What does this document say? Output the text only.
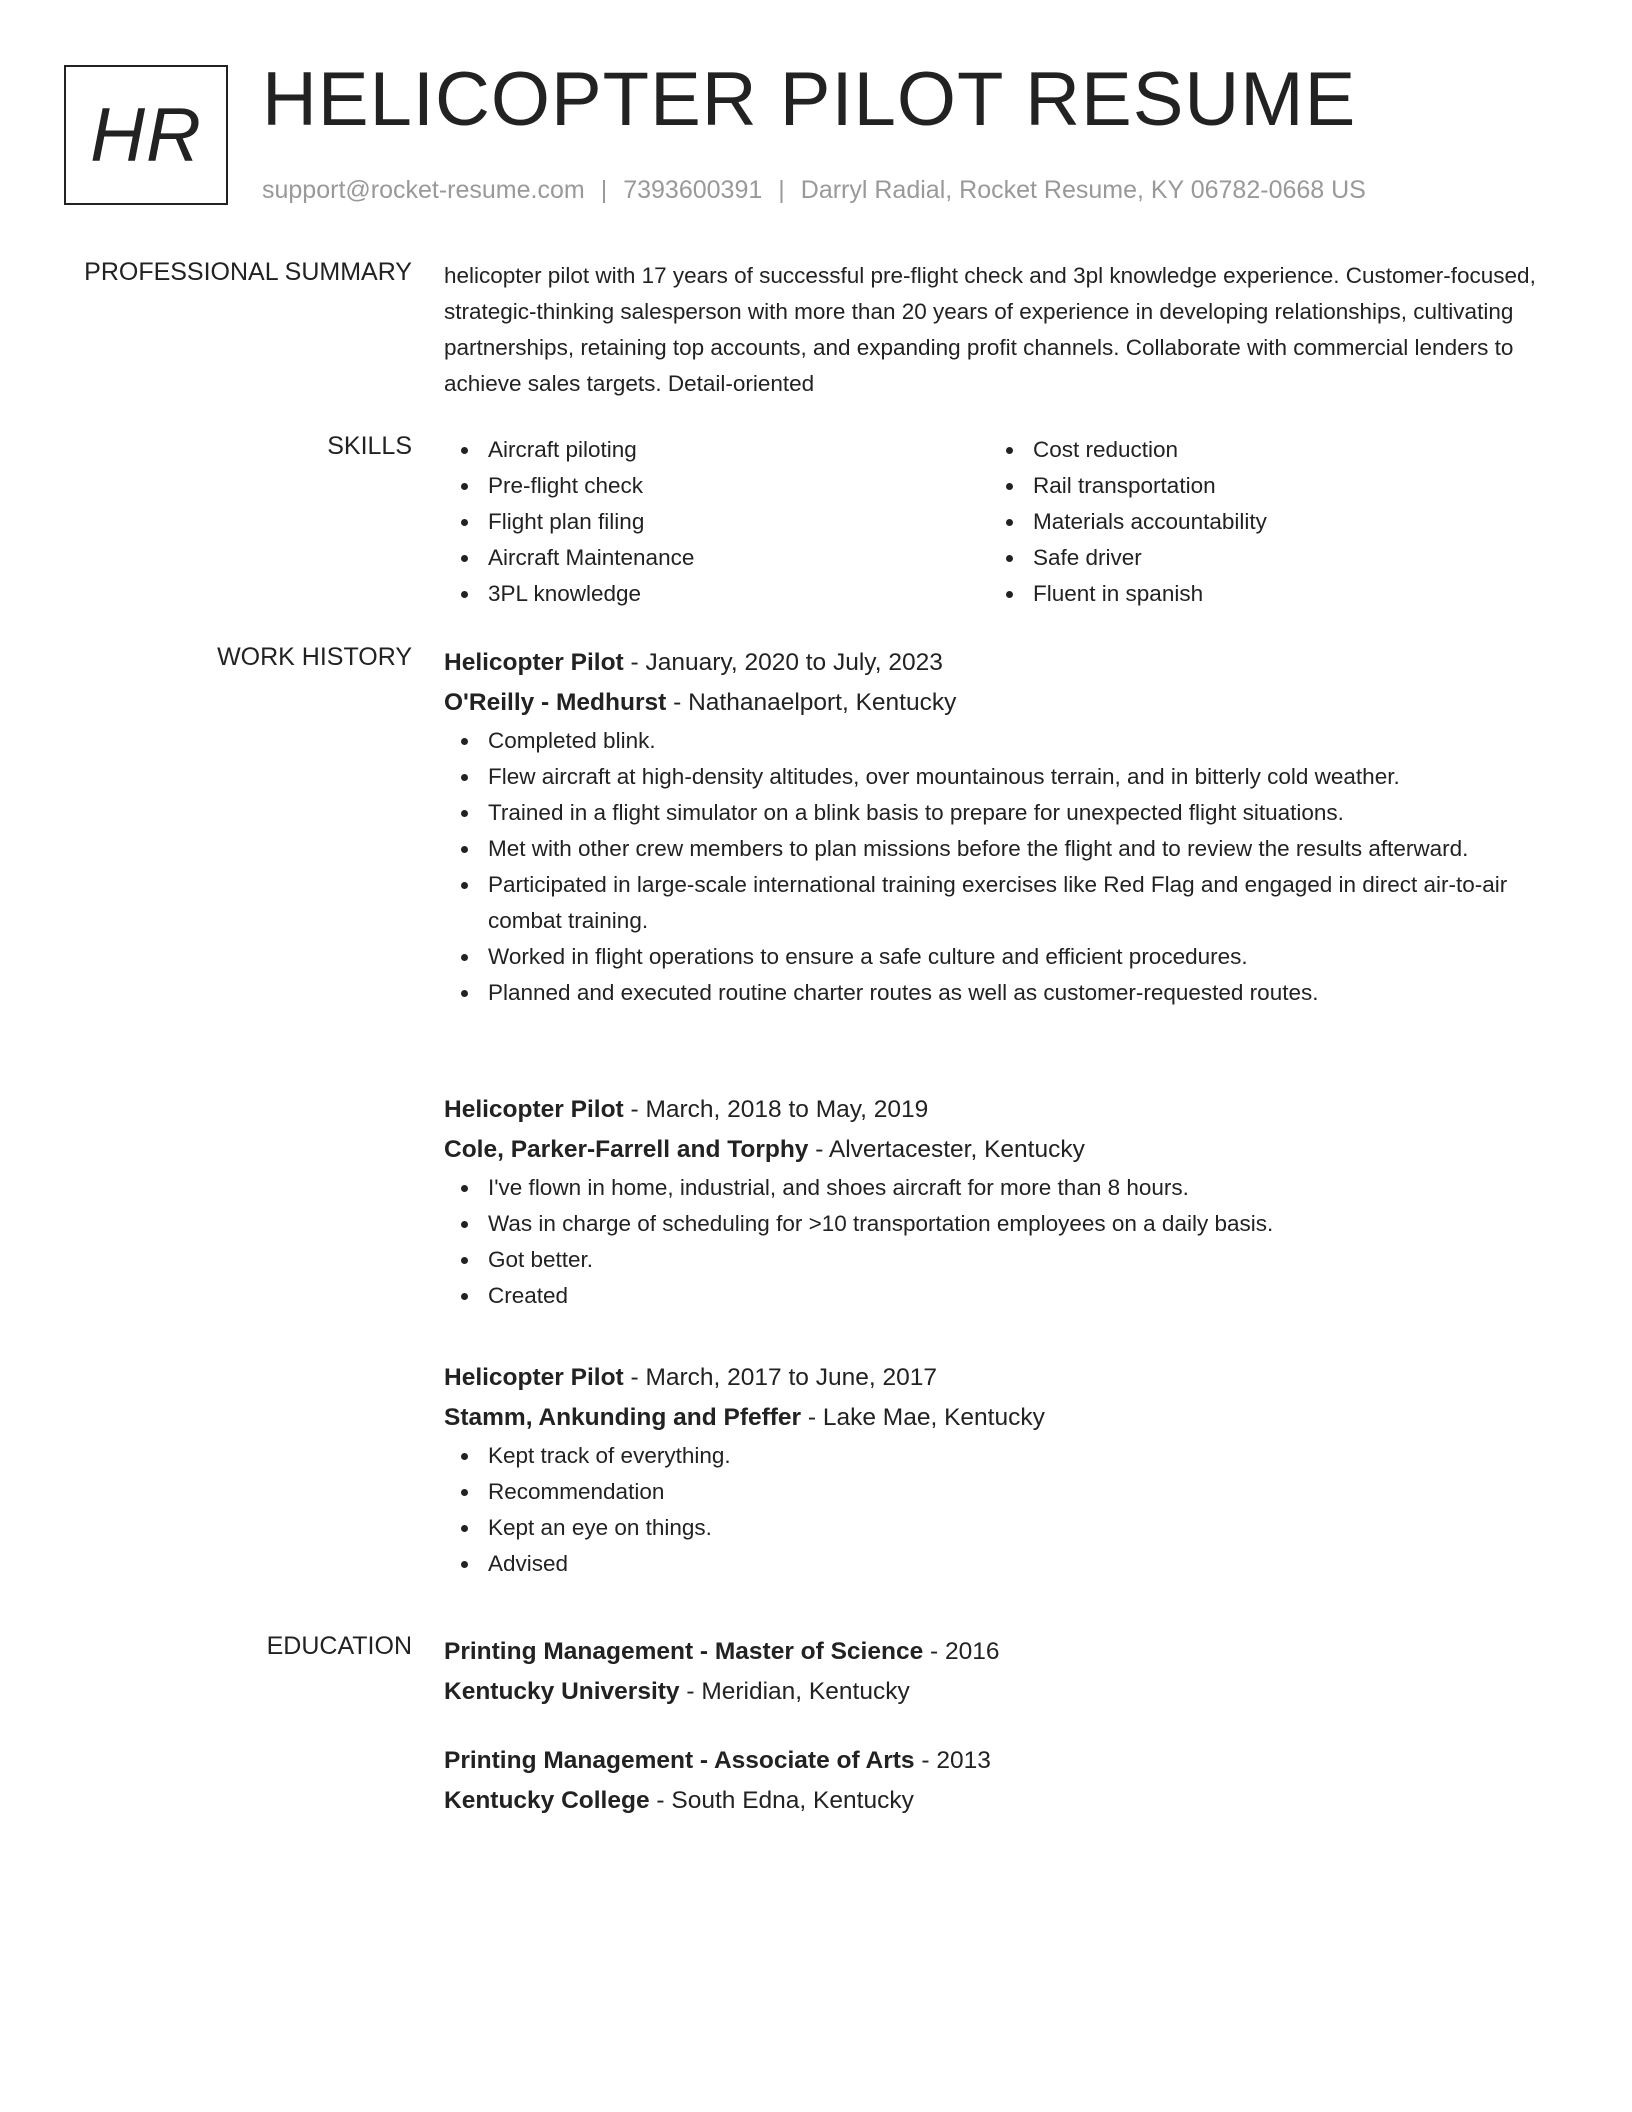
HR HELICOPTER PILOT RESUME
support@rocket-resume.com | 7393600391 | Darryl Radial, Rocket Resume, KY 06782-0668 US
PROFESSIONAL SUMMARY helicopter pilot with 17 years of successful pre-flight check and 3pl knowledge experience. Customer-focused, strategic-thinking salesperson with more than 20 years of experience in developing relationships, cultivating partnerships, retaining top accounts, and expanding profit channels. Collaborate with commercial lenders to achieve sales targets. Detail-oriented

SKILLS	Aircraft piloting
Pre-flight check
Flight plan filing
Aircraft Maintenance
3PL knowledge
Cost reduction
Rail transportation
Materials accountability
Safe driver
Fluent in spanish
WORK HISTORY Helicopter Pilot - January, 2020 to July, 2023
O'Reilly - Medhurst - Nathanaelport, Kentucky
Completed blink.
Flew aircraft at high-density altitudes, over mountainous terrain, and in bitterly cold weather.
Trained in a flight simulator on a blink basis to prepare for unexpected flight situations.
Met with other crew members to plan missions before the flight and to review the results afterward.
Participated in large-scale international training exercises like Red Flag and engaged in direct air-to-air combat training.
Worked in flight operations to ensure a safe culture and efficient procedures.
Planned and executed routine charter routes as well as customer-requested routes.
Helicopter Pilot - March, 2018 to May, 2019
Cole, Parker-Farrell and Torphy - Alvertacester, Kentucky
I've flown in home, industrial, and shoes aircraft for more than 8 hours.
Was in charge of scheduling for >10 transportation employees on a daily basis.
Got better.
Created
Helicopter Pilot - March, 2017 to June, 2017
Stamm, Ankunding and Pfeffer - Lake Mae, Kentucky
Kept track of everything.
Recommendation
Kept an eye on things.
Advised
EDUCATION Printing Management - Master of Science - 2016
Kentucky University - Meridian, Kentucky
Printing Management - Associate of Arts - 2013
Kentucky College - South Edna, Kentucky
